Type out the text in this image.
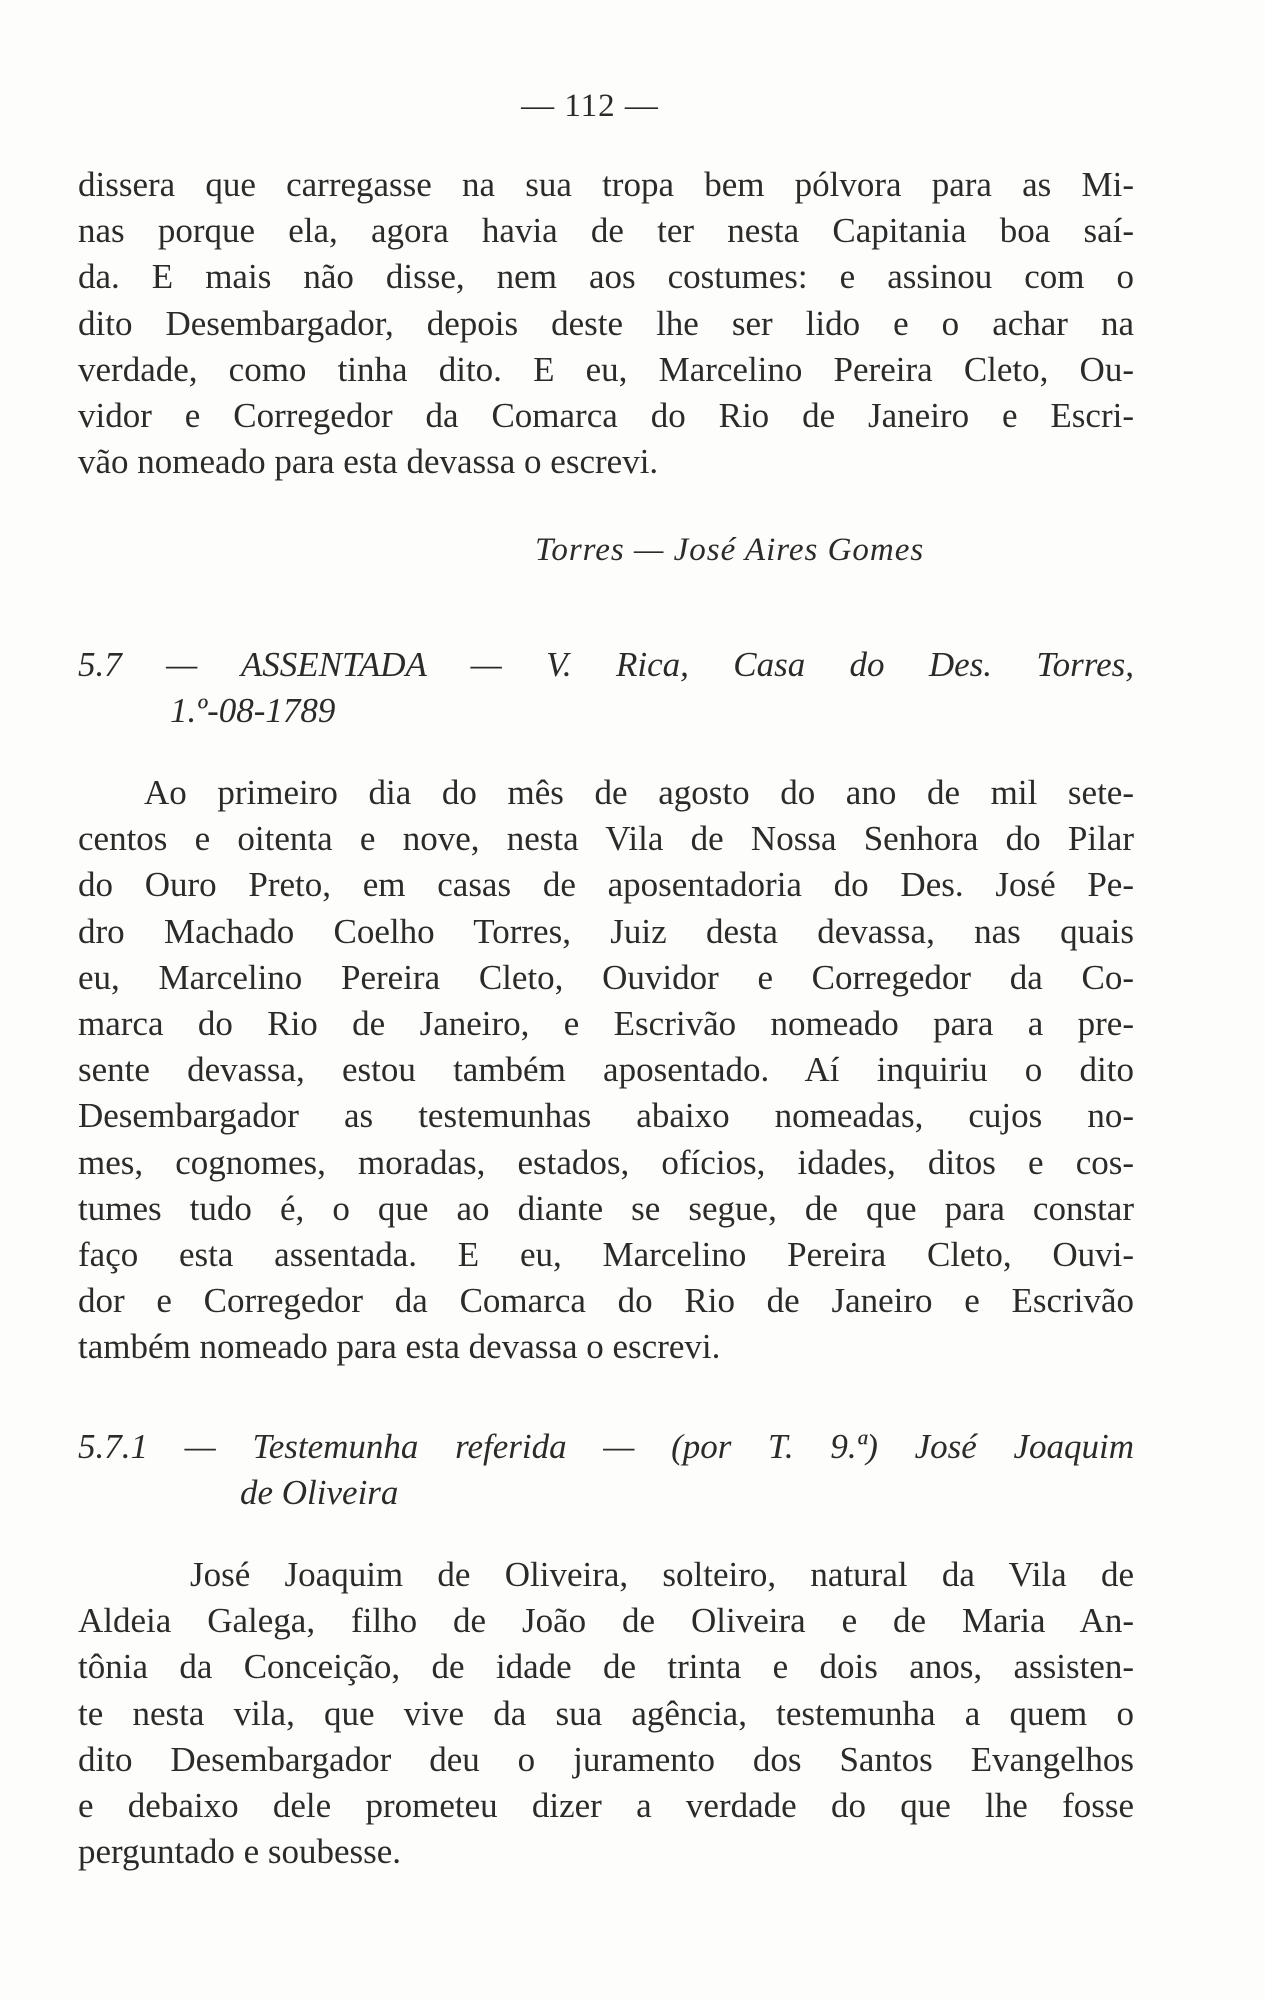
— 112 —
dissera que carregasse na sua tropa bem pólvora para as Mi-
nas porque ela, agora havia de ter nesta Capitania boa saí-
da. E mais não disse, nem aos costumes: e assinou com o
dito Desembargador, depois deste lhe ser lido e o achar na
verdade, como tinha dito. E eu, Marcelino Pereira Cleto, Ou-
vidor e Corregedor da Comarca do Rio de Janeiro e Escri-
vão nomeado para esta devassa o escrevi.
Torres — José Aires Gomes
5.7 — ASSENTADA — V. Rica, Casa do Des. Torres,
1.º-08-1789
Ao primeiro dia do mês de agosto do ano de mil sete-
centos e oitenta e nove, nesta Vila de Nossa Senhora do Pilar
do Ouro Preto, em casas de aposentadoria do Des. José Pe-
dro Machado Coelho Torres, Juiz desta devassa, nas quais
eu, Marcelino Pereira Cleto, Ouvidor e Corregedor da Co-
marca do Rio de Janeiro, e Escrivão nomeado para a pre-
sente devassa, estou também aposentado. Aí inquiriu o dito
Desembargador as testemunhas abaixo nomeadas, cujos no-
mes, cognomes, moradas, estados, ofícios, idades, ditos e cos-
tumes tudo é, o que ao diante se segue, de que para constar
faço esta assentada. E eu, Marcelino Pereira Cleto, Ouvi-
dor e Corregedor da Comarca do Rio de Janeiro e Escrivão
também nomeado para esta devassa o escrevi.
5.7.1 — Testemunha referida — (por T. 9.ª) José Joaquim
de Oliveira
José Joaquim de Oliveira, solteiro, natural da Vila de
Aldeia Galega, filho de João de Oliveira e de Maria An-
tônia da Conceição, de idade de trinta e dois anos, assisten-
te nesta vila, que vive da sua agência, testemunha a quem o
dito Desembargador deu o juramento dos Santos Evangelhos
e debaixo dele prometeu dizer a verdade do que lhe fosse
perguntado e soubesse.
